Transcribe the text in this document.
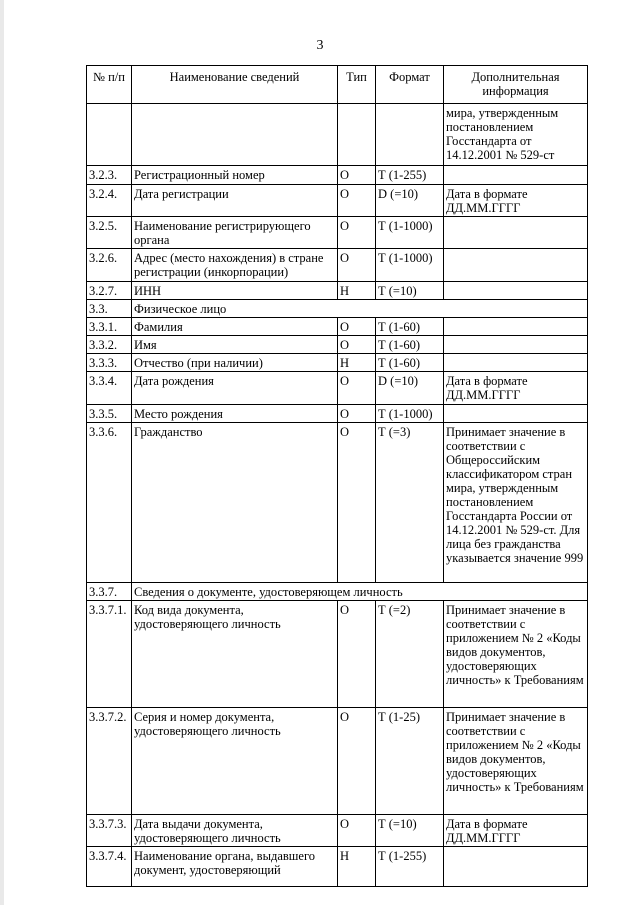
3
№ п/п	Наименование сведений	Тип	Формат	Дополнительная информация
				мира, утвержденным постановлением Госстандарта от 14.12.2001 № 529-ст
3.2.3.	Регистрационный номер	О	Т (1-255)	
3.2.4.	Дата регистрации	О	D (=10)	Дата в формате ДД.ММ.ГГГГ
3.2.5.	Наименование регистрирующего органа	О	Т (1-1000)	
3.2.6.	Адрес (место нахождения) в стране регистрации (инкорпорации)	О	Т (1-1000)	
3.2.7.	ИНН	Н	Т (=10)	
3.3.	Физическое лицо			
3.3.1.	Фамилия	О	Т (1-60)	
3.3.2.	Имя	О	Т (1-60)	
3.3.3.	Отчество (при наличии)	Н	Т (1-60)	
3.3.4.	Дата рождения	О	D (=10)	Дата в формате ДД.ММ.ГГГГ
3.3.5.	Место рождения	О	Т (1-1000)	
3.3.6.	Гражданство	О	Т (=3)	Принимает значение в соответствии с Общероссийским классификатором стран мира, утвержденным постановлением Госстандарта России от 14.12.2001 № 529-ст. Для лица без гражданства указывается значение 999
3.3.7.	Сведения о документе, удостоверяющем личность			
3.3.7.1.	Код вида документа, удостоверяющего личность	О	Т (=2)	Принимает значение в соответствии с приложением № 2 «Коды видов документов, удостоверяющих личность» к Требованиям
3.3.7.2.	Серия и номер документа, удостоверяющего личность	О	Т (1-25)	Принимает значение в соответствии с приложением № 2 «Коды видов документов, удостоверяющих личность» к Требованиям
3.3.7.3.	Дата выдачи документа, удостоверяющего личность	О	Т (=10)	Дата в формате ДД.ММ.ГГГГ
3.3.7.4.	Наименование органа, выдавшего документ, удостоверяющий	Н	Т (1-255)	
